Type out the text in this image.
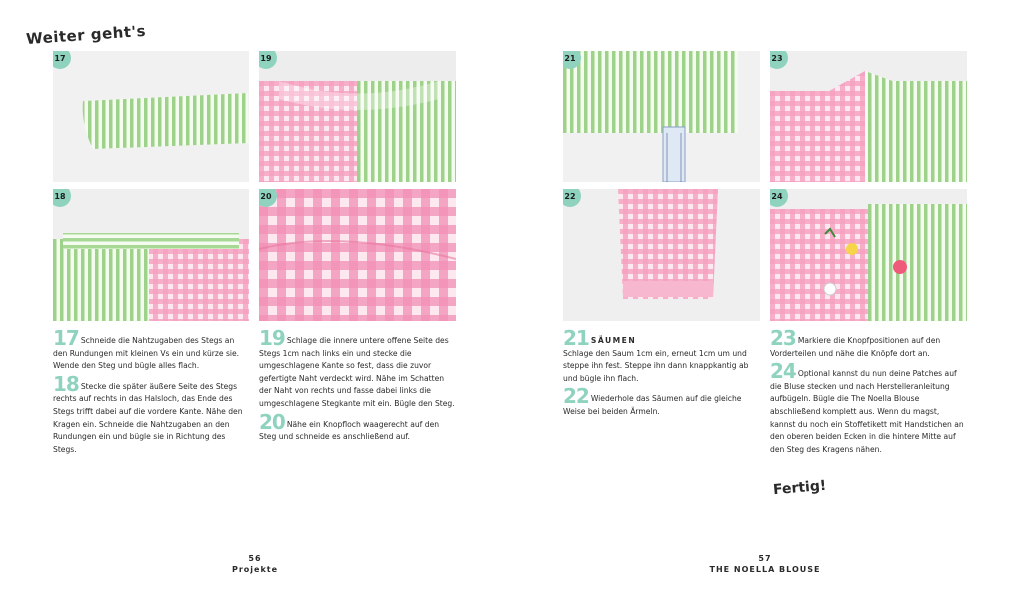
Weiter geht's
17	19
18	20
21	23
22	24

17 Schneide die Nahtzugaben des Stegs an den Rundungen mit kleinen Vs ein und kürze sie. Wende den Steg und bügle alles flach.

18 Stecke die später äußere Seite des Stegs rechts auf rechts in das Halsloch, das Ende des Stegs trifft dabei auf die vordere Kante. Nähe den Kragen ein. Schneide die Nahtzugaben an den Rundungen ein und bügle sie in Richtung des Stegs.

19 Schlage die innere untere offene Seite des Stegs 1cm nach links ein und stecke die umgeschlagene Kante so fest, dass die zuvor gefertigte Naht verdeckt wird. Nähe im Schatten der Naht von rechts und fasse dabei links die umgeschlagene Stegkante mit ein. Bügle den Steg.

20 Nähe ein Knopfloch waagerecht auf den Steg und schneide es anschließend auf.

21 SÄUMEN
Schlage den Saum 1cm ein, erneut 1cm um und steppe ihn fest. Steppe ihn dann knappkantig ab und bügle ihn flach.

22 Wiederhole das Säumen auf die gleiche Weise bei beiden Ärmeln.

23 Markiere die Knopfpositionen auf den Vorderteilen und nähe die Knöpfe dort an.

24 Optional kannst du nun deine Patches auf die Bluse stecken und nach Herstelleranleitung aufbügeln. Bügle die The Noella Blouse abschließend komplett aus. Wenn du magst, kannst du noch ein Stoffetikett mit Handstichen an den oberen beiden Ecken in die hintere Mitte auf den Steg des Kragens nähen.

Fertig!
56
Projekte
57
THE NOELLA BLOUSE
